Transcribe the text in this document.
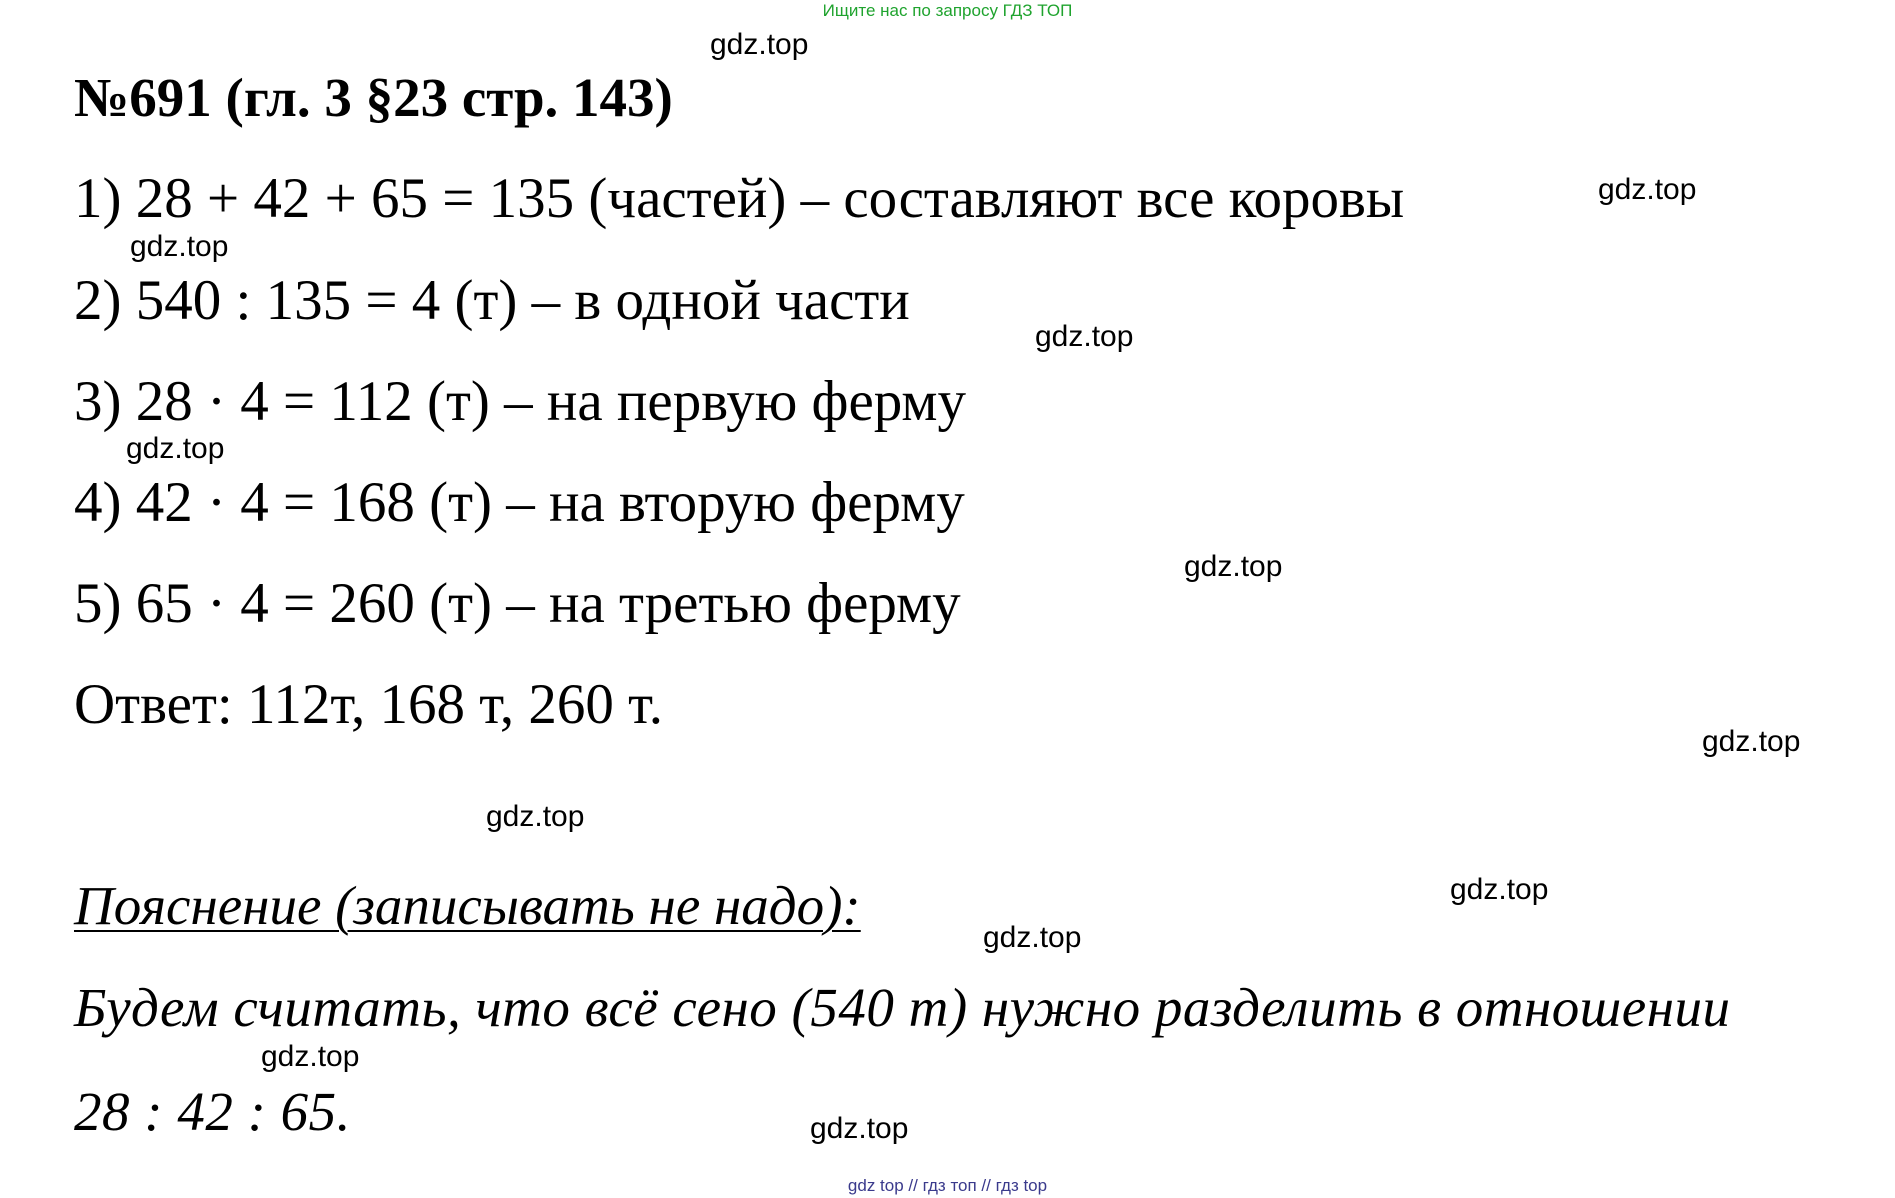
Ищите нас по запросу ГДЗ ТОП
№691 (гл. 3 §23 стр. 143)
1) 28 + 42 + 65 = 135 (частей) – составляют все коровы
2) 540 : 135 = 4 (т) – в одной части
3) 28 · 4 = 112 (т) – на первую ферму
4) 42 · 4 = 168 (т) – на вторую ферму
5) 65 · 4 = 260 (т) – на третью ферму
Ответ: 112т, 168 т, 260 т.
Пояснение (записывать не надо):
Будем считать, что всё сено (540 т) нужно разделить в отношении
28 : 42 : 65.
gdz.top
gdz.top
gdz.top
gdz.top
gdz.top
gdz.top
gdz.top
gdz.top
gdz.top
gdz.top
gdz.top
gdz.top
gdz top // гдз топ // гдз top
